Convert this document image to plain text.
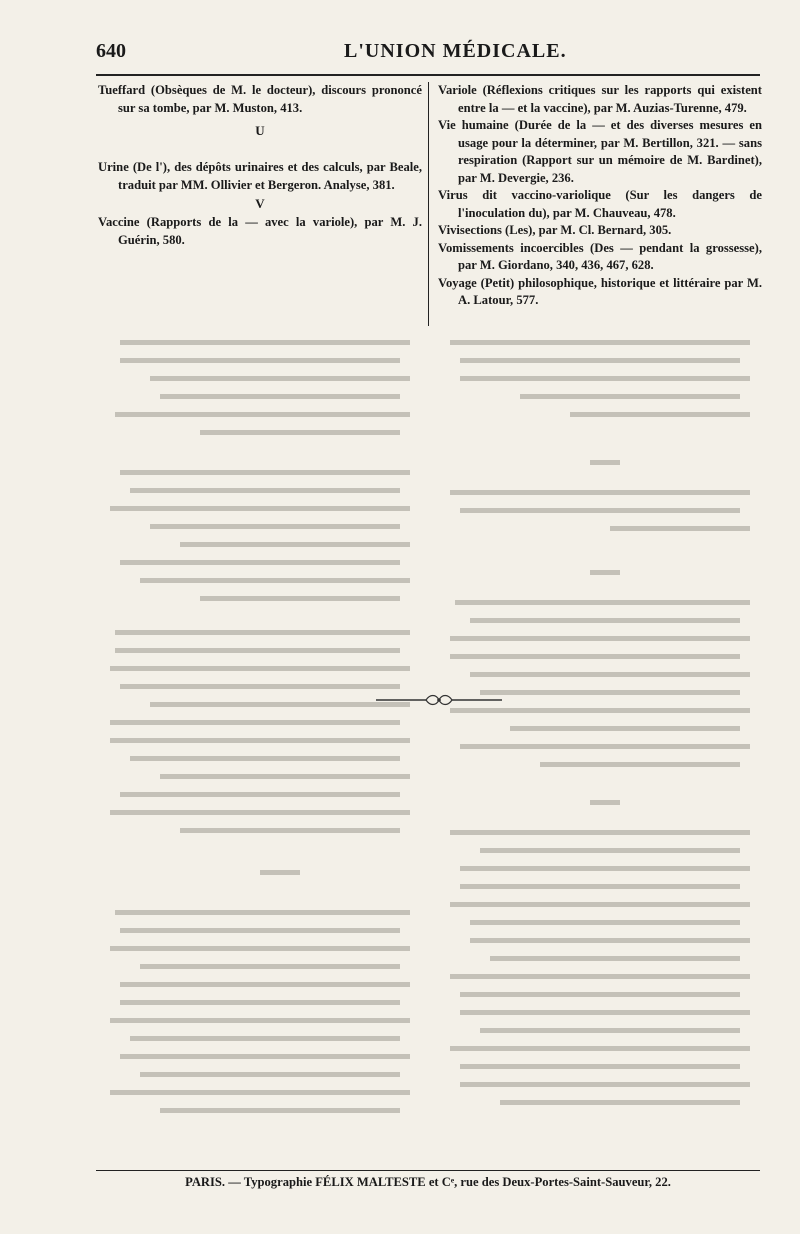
640	L'UNION MÉDICALE.

Tueffard (Obsèques de M. le docteur), discours prononcé sur sa tombe, par M. Muston, 413.

U

Urine (De l'), des dépôts urinaires et des calculs, par Beale, traduit par MM. Ollivier et Bergeron. Analyse, 381.

V

Vaccine (Rapports de la — avec la variole), par M. J. Guérin, 580.

Variole (Réflexions critiques sur les rapports qui existent entre la — et la vaccine), par M. Auzias-Turenne, 479.

Vie humaine (Durée de la — et des diverses mesures en usage pour la déterminer, par M. Bertillon, 321. — sans respiration (Rapport sur un mémoire de M. Bardinet), par M. Devergie, 236.

Virus dit vaccino-variolique (Sur les dangers de l'inoculation du), par M. Chauveau, 478.

Vivisections (Les), par M. Cl. Bernard, 305.

Vomissements incoercibles (Des — pendant la grossesse), par M. Giordano, 340, 436, 467, 628.

Voyage (Petit) philosophique, historique et littéraire par M. A. Latour, 577.

PARIS. — Typographie FÉLIX MALTESTE et Cᵉ, rue des Deux-Portes-Saint-Sauveur, 22.
